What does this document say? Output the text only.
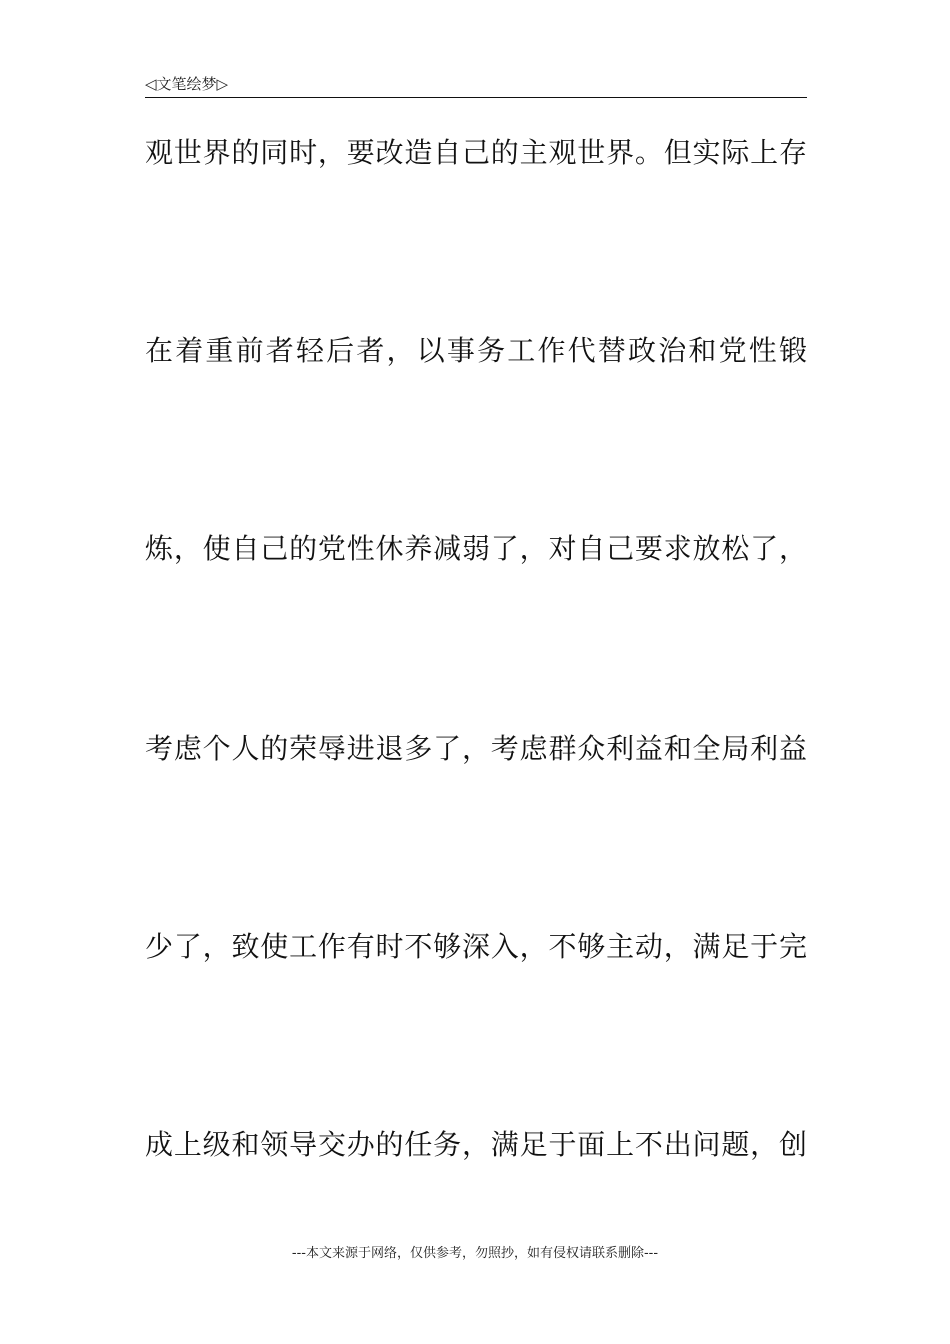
◁文笔绘梦▷
观世界的同时，要改造自己的主观世界。但实际上存
在着重前者轻后者，以事务工作代替政治和党性锻
炼，使自己的党性休养减弱了，对自己要求放松了，
考虑个人的荣辱进退多了，考虑群众利益和全局利益
少了，致使工作有时不够深入，不够主动，满足于完
成上级和领导交办的任务，满足于面上不出问题，创
---本文来源于网络，仅供参考，勿照抄，如有侵权请联系删除---
